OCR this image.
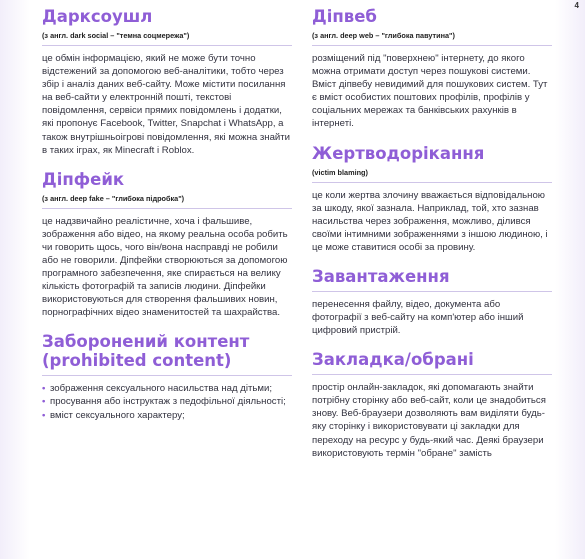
4
Даркcоушл
(з англ. dark social – "темна соцмережа")

це обмін інформацією, який не може бути точно відстежений за допомогою веб-аналітики, тобто через збір і аналіз даних веб-сайту. Може містити посилання на веб-сайти у електронній пошті, текстові повідомлення, сервіси прямих повідомлень і додатки, які пропонує Facebook, Twitter, Snapchat і WhatsApp, а також внутрішньоігрові повідомлення, які можна знайти в таких іграх, як Minecraft і Roblox.

Діпфейк
(з англ. deep fake – "глибока підробка")

це надзвичайно реалістичне, хоча і фальшиве, зображення або відео, на якому реальна особа робить чи говорить щось, чого він/вона насправді не робили або не говорили. Діпфейки створюються за допомогою програмного забезпечення, яке спирається на велику кількість фотографій та записів людини. Діпфейки використовуються для створення фальшивих новин, порнографічних відео знаменитостей та шахрайства.

Заборонений контент (prohibited content)
• зображення сексуального насильства над дітьми;
• просування або інструктаж з педофільної діяльності;
• вміст сексуального характеру;
Діпвеб
(з англ. deep web – "глибока павутина")

розміщений під "поверхнею" інтернету, до якого можна отримати доступ через пошукові системи. Вміст діпвебу невидимий для пошукових систем. Тут є вміст особистих поштових профілів, профілів у соціальних мережах та банківських рахунків в інтернеті.

Жертводорікання
(victim blaming)

це коли жертва злочину вважається відповідальною за шкоду, якої зазнала. Наприклад, той, хто зазнав насильства через зображення, можливо, ділився своїми інтимними зображеннями з іншою людиною, і це може ставитися особі за провину.

Завантаження

перенесення файлу, відео, документа або фотографії з веб-сайту на комп'ютер або інший цифровий пристрій.

Закладка/обрані

простір онлайн-закладок, які допомагають знайти потрібну сторінку або веб-сайт, коли це знадобиться знову. Веб-браузери дозволяють вам виділяти будь-яку сторінку і використовувати ці закладки для переходу на ресурс у будь-який час. Деякі браузери використовують термін "обране" замість
